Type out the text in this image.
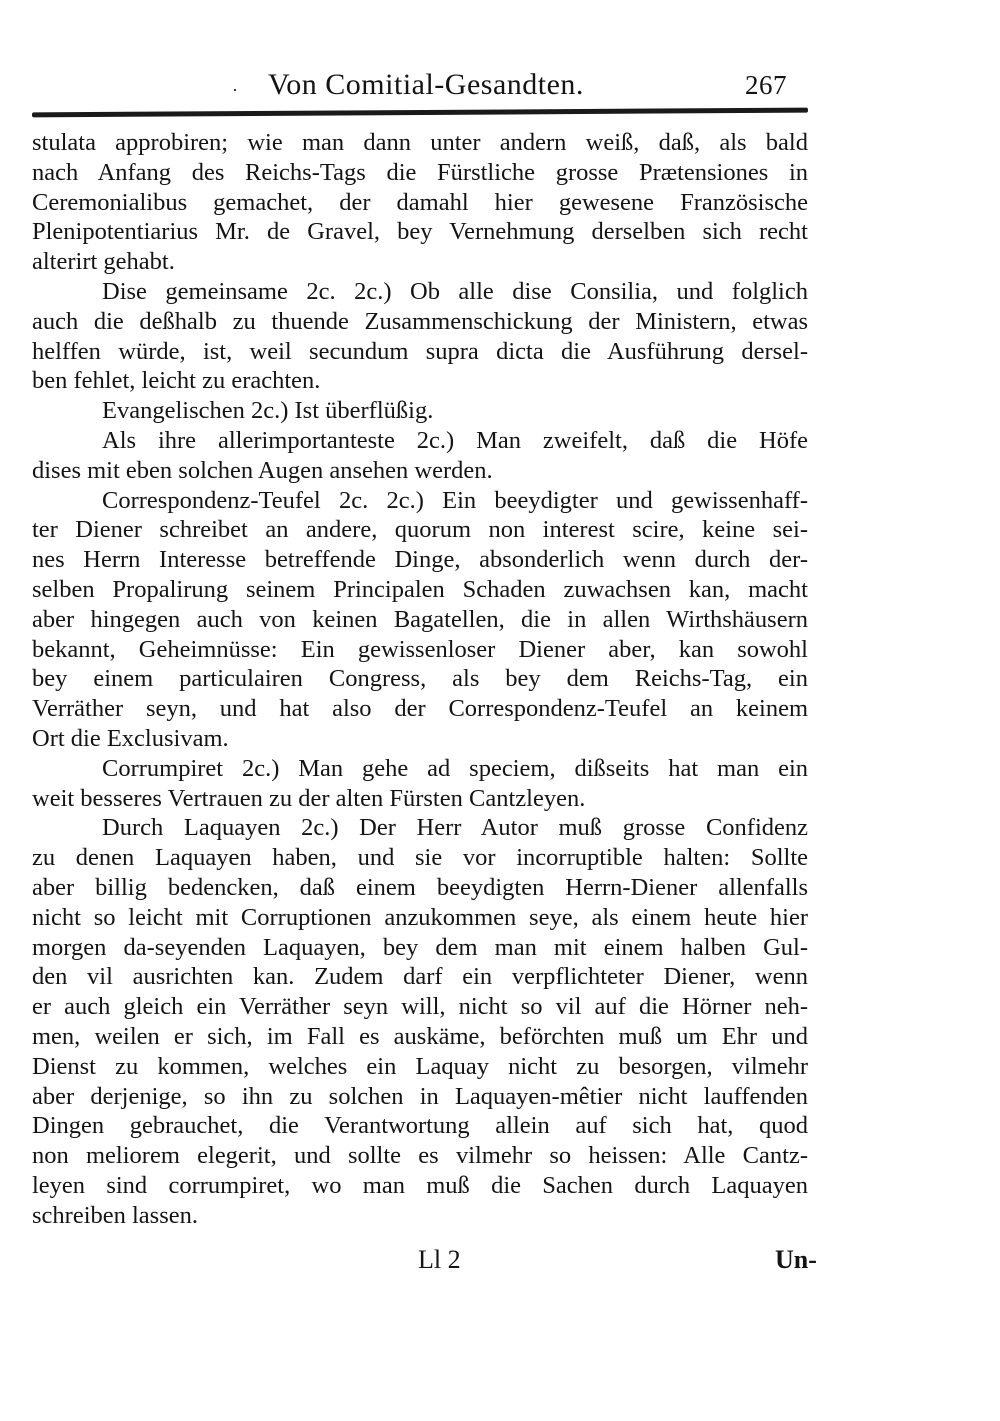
· Von Comitial-Gesandten.	267
stulata approbiren; wie man dann unter andern weiß, daß, als bald
nach Anfang des Reichs-Tags die Fürstliche grosse Prætensiones in
Ceremonialibus gemachet, der damahl hier gewesene Französische
Plenipotentiarius Mr. de Gravel, bey Vernehmung derselben sich recht
alterirt gehabt.
Dise gemeinsame 2c. 2c.) Ob alle dise Consilia, und folglich
auch die deßhalb zu thuende Zusammenschickung der Ministern, etwas
helffen würde, ist, weil secundum supra dicta die Ausführung dersel-
ben fehlet, leicht zu erachten.
Evangelischen 2c.) Ist überflüßig.
Als ihre allerimportanteste 2c.) Man zweifelt, daß die Höfe
dises mit eben solchen Augen ansehen werden.
Correspondenz-Teufel 2c. 2c.) Ein beeydigter und gewissenhaff-
ter Diener schreibet an andere, quorum non interest scire, keine sei-
nes Herrn Interesse betreffende Dinge, absonderlich wenn durch der-
selben Propalirung seinem Principalen Schaden zuwachsen kan, macht
aber hingegen auch von keinen Bagatellen, die in allen Wirthshäusern
bekannt, Geheimnüsse: Ein gewissenloser Diener aber, kan sowohl
bey einem particulairen Congress, als bey dem Reichs-Tag, ein
Verräther seyn, und hat also der Correspondenz-Teufel an keinem
Ort die Exclusivam.
Corrumpiret 2c.) Man gehe ad speciem, dißseits hat man ein
weit besseres Vertrauen zu der alten Fürsten Cantzleyen.
Durch Laquayen 2c.) Der Herr Autor muß grosse Confidenz
zu denen Laquayen haben, und sie vor incorruptible halten: Sollte
aber billig bedencken, daß einem beeydigten Herrn-Diener allenfalls
nicht so leicht mit Corruptionen anzukommen seye, als einem heute hier
morgen da-seyenden Laquayen, bey dem man mit einem halben Gul-
den vil ausrichten kan. Zudem darf ein verpflichteter Diener, wenn
er auch gleich ein Verräther seyn will, nicht so vil auf die Hörner neh-
men, weilen er sich, im Fall es auskäme, beförchten muß um Ehr und
Dienst zu kommen, welches ein Laquay nicht zu besorgen, vilmehr
aber derjenige, so ihn zu solchen in Laquayen-mêtier nicht lauffenden
Dingen gebrauchet, die Verantwortung allein auf sich hat, quod
non meliorem elegerit, und sollte es vilmehr so heissen: Alle Cantz-
leyen sind corrumpiret, wo man muß die Sachen durch Laquayen
schreiben lassen.
Ll 2	Un-
